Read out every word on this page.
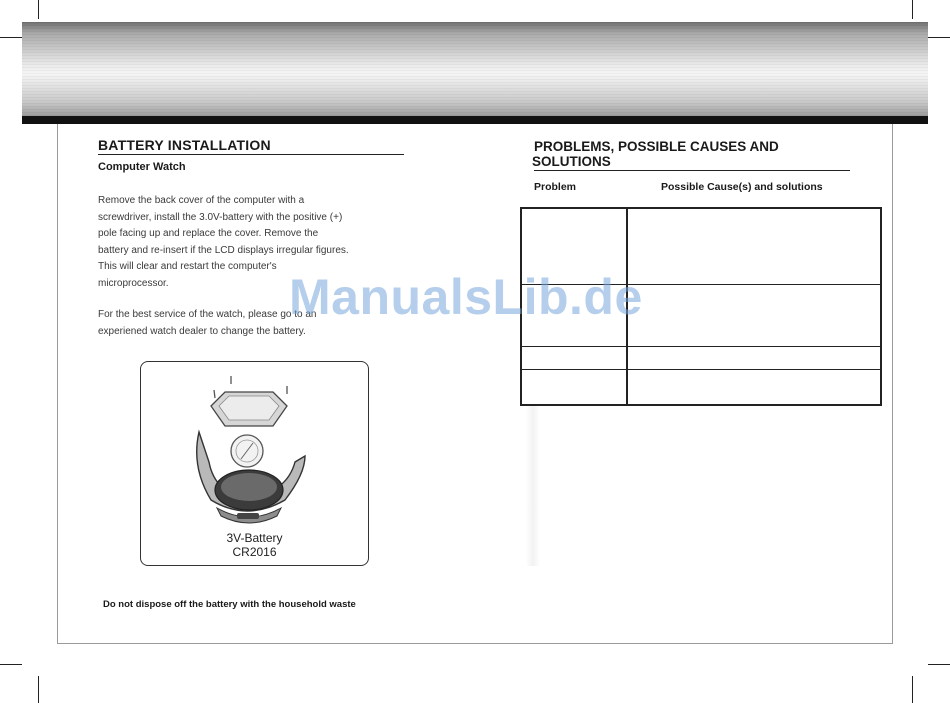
BATTERY INSTALLATION
Computer Watch
Remove the back cover of the computer with a
screwdriver, install the 3.0V-battery with the positive (+)
pole facing up and replace the cover. Remove the
battery and re-insert if the LCD displays irregular figures.
This will clear and restart the computer's
microprocessor.
For the best service of the watch, please go to an
experiened watch dealer to change the battery.
3V-Battery
CR2016
Do not dispose off the battery with the household waste
PROBLEMS, POSSIBLE CAUSES AND
SOLUTIONS
Problem	Possible Cause(s) and solutions
ManualsLib.de
